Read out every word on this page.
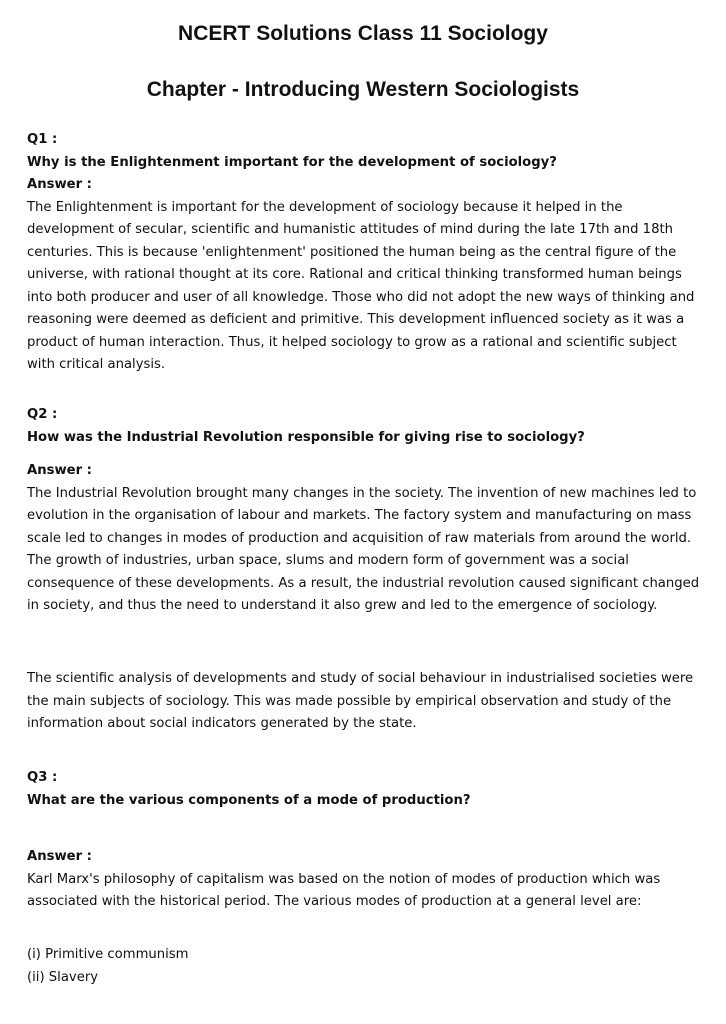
NCERT Solutions Class 11 Sociology
Chapter - Introducing Western Sociologists
Q1 :
Why is the Enlightenment important for the development of sociology?
Answer :

The Enlightenment is important for the development of sociology because it helped in the development of secular, scientific and humanistic attitudes of mind during the late 17th and 18th centuries. This is because 'enlightenment' positioned the human being as the central figure of the universe, with rational thought at its core. Rational and critical thinking transformed human beings into both producer and user of all knowledge. Those who did not adopt the new ways of thinking and reasoning were deemed as deficient and primitive. This development influenced society as it was a product of human interaction. Thus, it helped sociology to grow as a rational and scientific subject with critical analysis.

Q2 :
How was the Industrial Revolution responsible for giving rise to sociology?
Answer :

The Industrial Revolution brought many changes in the society. The invention of new machines led to evolution in the organisation of labour and markets. The factory system and manufacturing on mass scale led to changes in modes of production and acquisition of raw materials from around the world. The growth of industries, urban space, slums and modern form of government was a social consequence of these developments. As a result, the industrial revolution caused significant changed in society, and thus the need to understand it also grew and led to the emergence of sociology.

The scientific analysis of developments and study of social behaviour in industrialised societies were the main subjects of sociology. This was made possible by empirical observation and study of the information about social indicators generated by the state.

Q3 :
What are the various components of a mode of production?
Answer :

Karl Marx's philosophy of capitalism was based on the notion of modes of production which was associated with the historical period. The various modes of production at a general level are:

(i) Primitive communism
(ii) Slavery
